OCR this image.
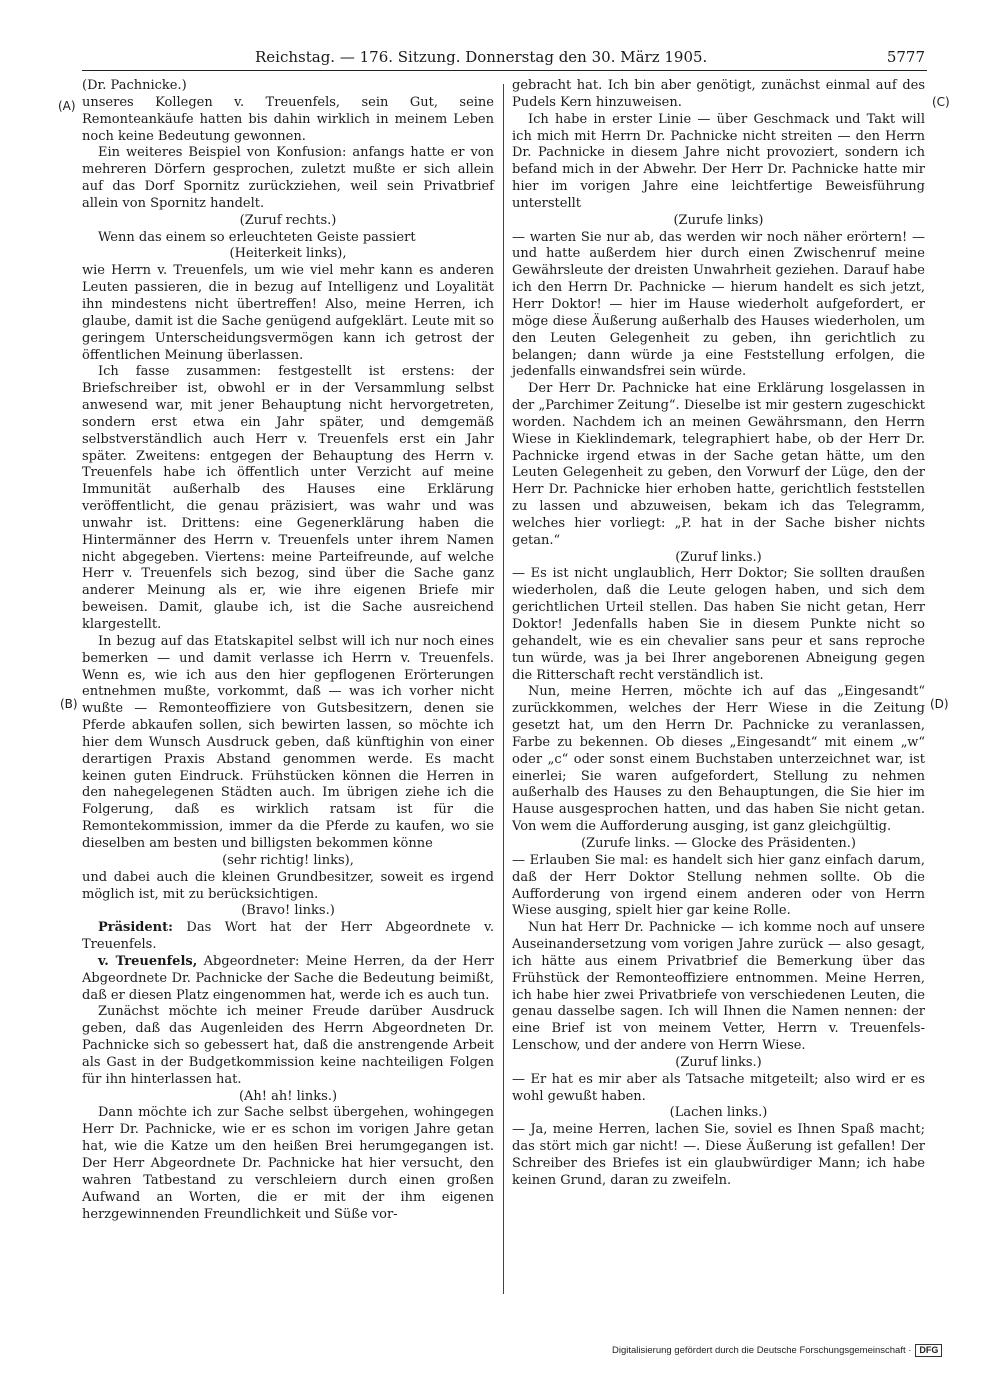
Reichstag. — 176. Sitzung. Donnerstag den 30. März 1905.	5777
(A)
(B)
(C)
(D)

(Dr. Pachnicke.)

unseres Kollegen v. Treuenfels, sein Gut, seine Remonteankäufe hatten bis dahin wirklich in meinem Leben noch keine Bedeutung gewonnen.

Ein weiteres Beispiel von Konfusion: anfangs hatte er von mehreren Dörfern gesprochen, zuletzt mußte er sich allein auf das Dorf Spornitz zurückziehen, weil sein Privatbrief allein von Spornitz handelt.

(Zuruf rechts.)

Wenn das einem so erleuchteten Geiste passiert

(Heiterkeit links),

wie Herrn v. Treuenfels, um wie viel mehr kann es anderen Leuten passieren, die in bezug auf Intelligenz und Loyalität ihn mindestens nicht übertreffen! Also, meine Herren, ich glaube, damit ist die Sache genügend aufgeklärt. Leute mit so geringem Unterscheidungsvermögen kann ich getrost der öffentlichen Meinung überlassen.

Ich fasse zusammen: festgestellt ist erstens: der Briefschreiber ist, obwohl er in der Versammlung selbst anwesend war, mit jener Behauptung nicht hervorgetreten, sondern erst etwa ein Jahr später, und demgemäß selbstverständlich auch Herr v. Treuenfels erst ein Jahr später. Zweitens: entgegen der Behauptung des Herrn v. Treuenfels habe ich öffentlich unter Verzicht auf meine Immunität außerhalb des Hauses eine Erklärung veröffentlicht, die genau präzisiert, was wahr und was unwahr ist. Drittens: eine Gegenerklärung haben die Hintermänner des Herrn v. Treuenfels unter ihrem Namen nicht abgegeben. Viertens: meine Parteifreunde, auf welche Herr v. Treuenfels sich bezog, sind über die Sache ganz anderer Meinung als er, wie ihre eigenen Briefe mir beweisen. Damit, glaube ich, ist die Sache ausreichend klargestellt.

In bezug auf das Etatskapitel selbst will ich nur noch eines bemerken — und damit verlasse ich Herrn v. Treuenfels. Wenn es, wie ich aus den hier gepflogenen Erörterungen entnehmen mußte, vorkommt, daß — was ich vorher nicht wußte — Remonteoffiziere von Gutsbesitzern, denen sie Pferde abkaufen sollen, sich bewirten lassen, so möchte ich hier dem Wunsch Ausdruck geben, daß künftighin von einer derartigen Praxis Abstand genommen werde. Es macht keinen guten Eindruck. Frühstücken können die Herren in den nahegelegenen Städten auch. Im übrigen ziehe ich die Folgerung, daß es wirklich ratsam ist für die Remontekommission, immer da die Pferde zu kaufen, wo sie dieselben am besten und billigsten bekommen könne

(sehr richtig! links),

und dabei auch die kleinen Grundbesitzer, soweit es irgend möglich ist, mit zu berücksichtigen.

(Bravo! links.)

Präsident: Das Wort hat der Herr Abgeordnete v. Treuenfels.

v. Treuenfels, Abgeordneter: Meine Herren, da der Herr Abgeordnete Dr. Pachnicke der Sache die Bedeutung beimißt, daß er diesen Platz eingenommen hat, werde ich es auch tun.

Zunächst möchte ich meiner Freude darüber Ausdruck geben, daß das Augenleiden des Herrn Abgeordneten Dr. Pachnicke sich so gebessert hat, daß die anstrengende Arbeit als Gast in der Budgetkommission keine nachteiligen Folgen für ihn hinterlassen hat.

(Ah! ah! links.)

Dann möchte ich zur Sache selbst übergehen, wohingegen Herr Dr. Pachnicke, wie er es schon im vorigen Jahre getan hat, wie die Katze um den heißen Brei herumgegangen ist. Der Herr Abgeordnete Dr. Pachnicke hat hier versucht, den wahren Tatbestand zu verschleiern durch einen großen Aufwand an Worten, die er mit der ihm eigenen herzgewinnenden Freundlichkeit und Süße vor-

gebracht hat. Ich bin aber genötigt, zunächst einmal auf des Pudels Kern hinzuweisen.

Ich habe in erster Linie — über Geschmack und Takt will ich mich mit Herrn Dr. Pachnicke nicht streiten — den Herrn Dr. Pachnicke in diesem Jahre nicht provoziert, sondern ich befand mich in der Abwehr. Der Herr Dr. Pachnicke hatte mir hier im vorigen Jahre eine leichtfertige Beweisführung unterstellt

(Zurufe links)

— warten Sie nur ab, das werden wir noch näher erörtern! — und hatte außerdem hier durch einen Zwischenruf meine Gewährsleute der dreisten Unwahrheit geziehen. Darauf habe ich den Herrn Dr. Pachnicke — hierum handelt es sich jetzt, Herr Doktor! — hier im Hause wiederholt aufgefordert, er möge diese Äußerung außerhalb des Hauses wiederholen, um den Leuten Gelegenheit zu geben, ihn gerichtlich zu belangen; dann würde ja eine Feststellung erfolgen, die jedenfalls einwandsfrei sein würde.

Der Herr Dr. Pachnicke hat eine Erklärung losgelassen in der „Parchimer Zeitung“. Dieselbe ist mir gestern zugeschickt worden. Nachdem ich an meinen Gewährsmann, den Herrn Wiese in Kieklindemark, telegraphiert habe, ob der Herr Dr. Pachnicke irgend etwas in der Sache getan hätte, um den Leuten Gelegenheit zu geben, den Vorwurf der Lüge, den der Herr Dr. Pachnicke hier erhoben hatte, gerichtlich feststellen zu lassen und abzuweisen, bekam ich das Telegramm, welches hier vorliegt: „P. hat in der Sache bisher nichts getan.“

(Zuruf links.)

— Es ist nicht unglaublich, Herr Doktor; Sie sollten draußen wiederholen, daß die Leute gelogen haben, und sich dem gerichtlichen Urteil stellen. Das haben Sie nicht getan, Herr Doktor! Jedenfalls haben Sie in diesem Punkte nicht so gehandelt, wie es ein chevalier sans peur et sans reproche tun würde, was ja bei Ihrer angeborenen Abneigung gegen die Ritterschaft recht verständlich ist.

Nun, meine Herren, möchte ich auf das „Eingesandt“ zurückkommen, welches der Herr Wiese in die Zeitung gesetzt hat, um den Herrn Dr. Pachnicke zu veranlassen, Farbe zu bekennen. Ob dieses „Eingesandt“ mit einem „w“ oder „c“ oder sonst einem Buchstaben unterzeichnet war, ist einerlei; Sie waren aufgefordert, Stellung zu nehmen außerhalb des Hauses zu den Behauptungen, die Sie hier im Hause ausgesprochen hatten, und das haben Sie nicht getan. Von wem die Aufforderung ausging, ist ganz gleichgültig.

(Zurufe links. — Glocke des Präsidenten.)

— Erlauben Sie mal: es handelt sich hier ganz einfach darum, daß der Herr Doktor Stellung nehmen sollte. Ob die Aufforderung von irgend einem anderen oder von Herrn Wiese ausging, spielt hier gar keine Rolle.

Nun hat Herr Dr. Pachnicke — ich komme noch auf unsere Auseinandersetzung vom vorigen Jahre zurück — also gesagt, ich hätte aus einem Privatbrief die Bemerkung über das Frühstück der Remonteoffiziere entnommen. Meine Herren, ich habe hier zwei Privatbriefe von verschiedenen Leuten, die genau dasselbe sagen. Ich will Ihnen die Namen nennen: der eine Brief ist von meinem Vetter, Herrn v. Treuenfels-Lenschow, und der andere von Herrn Wiese.

(Zuruf links.)

— Er hat es mir aber als Tatsache mitgeteilt; also wird er es wohl gewußt haben.

(Lachen links.)

— Ja, meine Herren, lachen Sie, soviel es Ihnen Spaß macht; das stört mich gar nicht! —. Diese Äußerung ist gefallen! Der Schreiber des Briefes ist ein glaubwürdiger Mann; ich habe keinen Grund, daran zu zweifeln.

Digitalisierung gefördert durch die Deutsche Forschungsgemeinschaft · DFG
